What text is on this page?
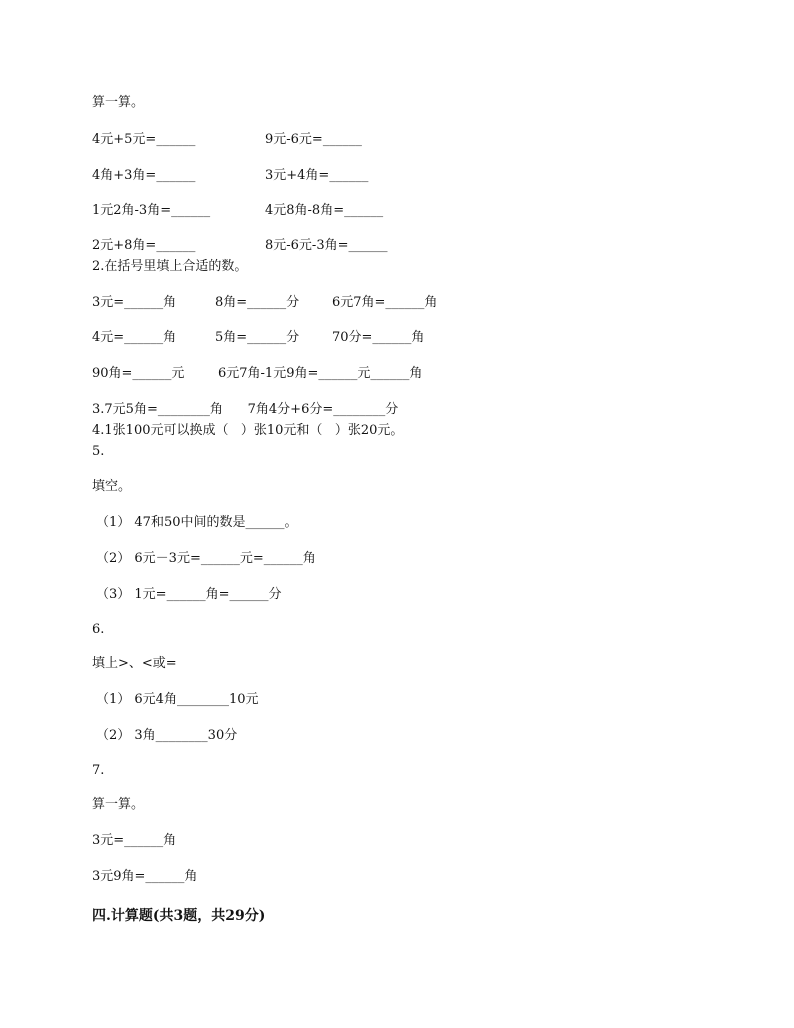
算一算。
4元+5元=______	9元-6元=______
4角+3角=______	3元+4角=______
1元2角-3角=______	4元8角-8角=______
2元+8角=______	8元-6元-3角=______
2.在括号里填上合适的数。
3元=______角	8角=______分	6元7角=______角
4元=______角	5角=______分	70分=______角
90角=______元	6元7角-1元9角=______元______角
3.7元5角=________角      7角4分+6分=________分
4.1张100元可以换成（   ）张10元和（   ）张20元。
5.
填空。
（1） 47和50中间的数是______。
（2） 6元－3元=______元=______角
（3） 1元=______角=______分
6.
填上>、<或=
（1） 6元4角________10元
（2） 3角________30分
7.
算一算。
3元=______角
3元9角=______角
四.计算题(共3题，共29分)
